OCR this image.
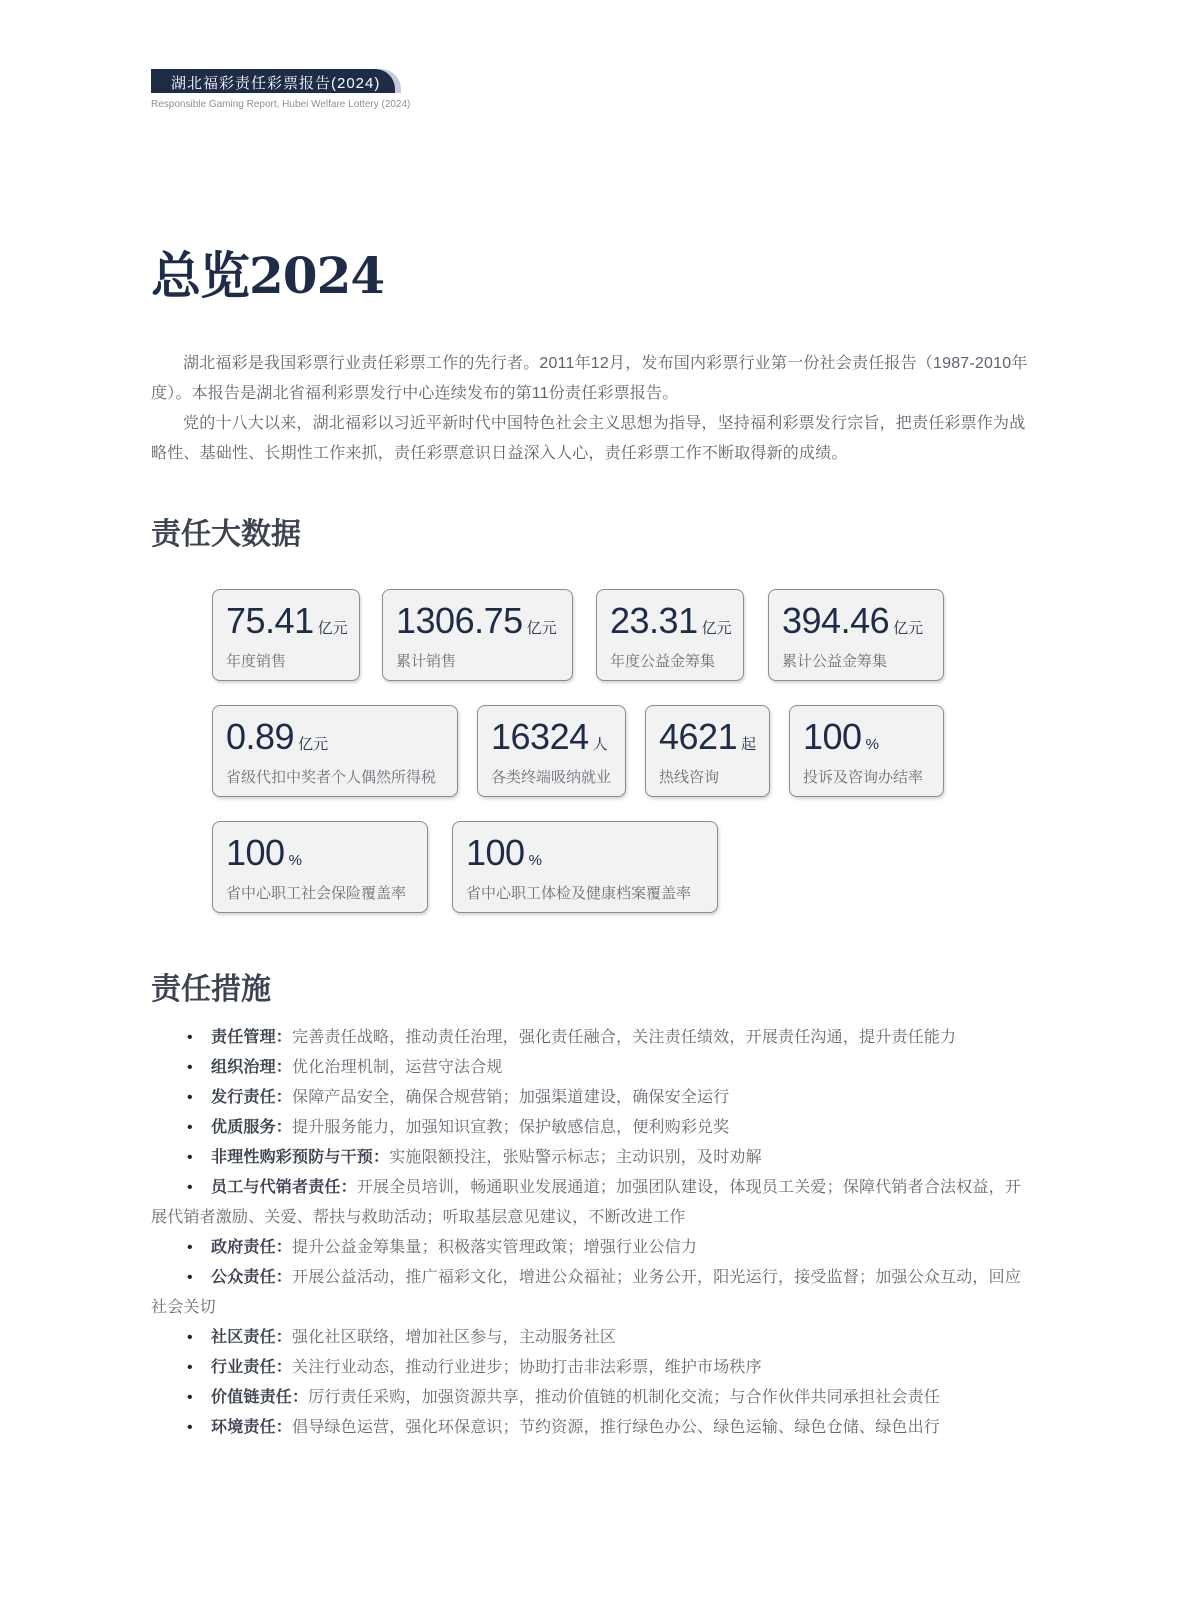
湖北福彩责任彩票报告(2024)
Responsible Gaming Report, Hubei Welfare Lottery (2024)
总览2024

湖北福彩是我国彩票行业责任彩票工作的先行者。2011年12月，发布国内彩票行业第一份社会责任报告（1987-2010年度）。本报告是湖北省福利彩票发行中心连续发布的第11份责任彩票报告。

党的十八大以来，湖北福彩以习近平新时代中国特色社会主义思想为指导，坚持福利彩票发行宗旨，把责任彩票作为战略性、基础性、长期性工作来抓，责任彩票意识日益深入人心，责任彩票工作不断取得新的成绩。

责任大数据
75.41 亿元
年度销售
1306.75 亿元
累计销售
23.31 亿元
年度公益金筹集
394.46 亿元
累计公益金筹集
0.89 亿元
省级代扣中奖者个人偶然所得税
16324 人
各类终端吸纳就业
4621 起
热线咨询
100 %
投诉及咨询办结率
100 %
省中心职工社会保险覆盖率
100 %
省中心职工体检及健康档案覆盖率
责任措施
• 责任管理：完善责任战略，推动责任治理，强化责任融合，关注责任绩效，开展责任沟通，提升责任能力
• 组织治理：优化治理机制，运营守法合规
• 发行责任：保障产品安全，确保合规营销；加强渠道建设，确保安全运行
• 优质服务：提升服务能力，加强知识宣教；保护敏感信息，便利购彩兑奖
• 非理性购彩预防与干预：实施限额投注，张贴警示标志；主动识别，及时劝解
• 员工与代销者责任：开展全员培训，畅通职业发展通道；加强团队建设，体现员工关爱；保障代销者合法权益，开展代销者激励、关爱、帮扶与救助活动；听取基层意见建议，不断改进工作
• 政府责任：提升公益金筹集量；积极落实管理政策；增强行业公信力
• 公众责任：开展公益活动，推广福彩文化，增进公众福祉；业务公开，阳光运行，接受监督；加强公众互动，回应社会关切
• 社区责任：强化社区联络，增加社区参与，主动服务社区
• 行业责任：关注行业动态，推动行业进步；协助打击非法彩票，维护市场秩序
• 价值链责任：厉行责任采购，加强资源共享，推动价值链的机制化交流；与合作伙伴共同承担社会责任
• 环境责任：倡导绿色运营，强化环保意识；节约资源，推行绿色办公、绿色运输、绿色仓储、绿色出行
